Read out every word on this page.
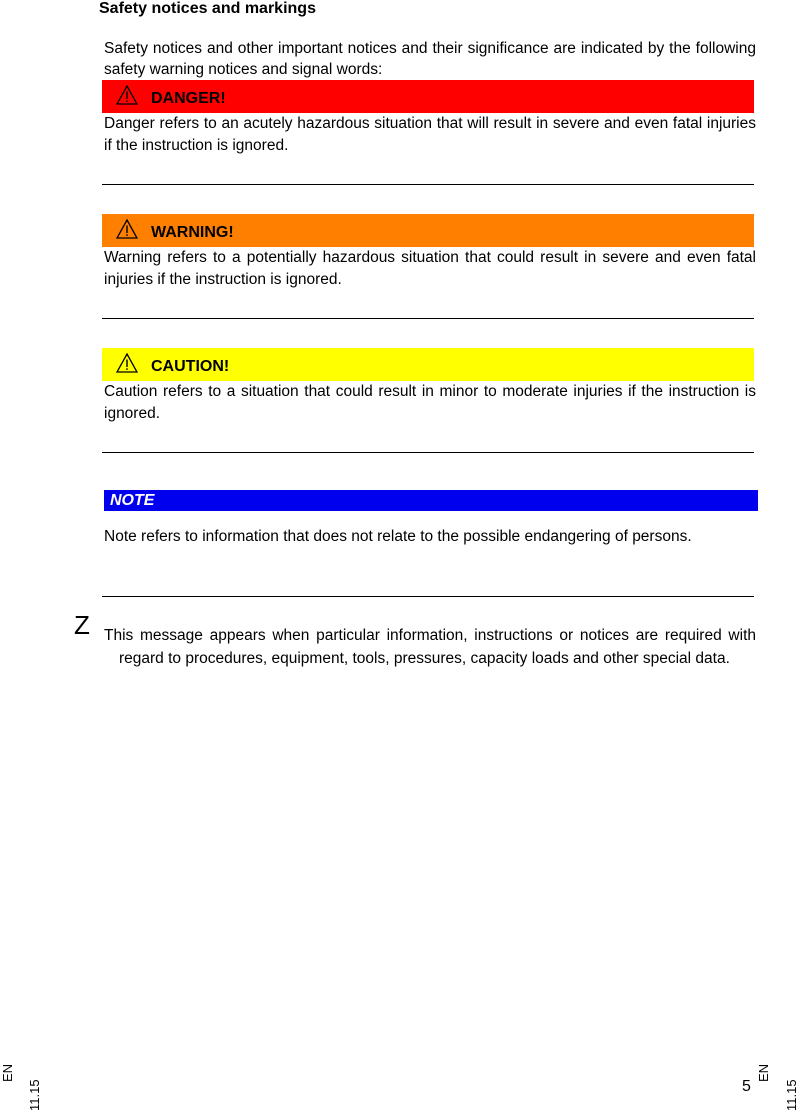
Safety notices and markings
Safety notices and other important notices and their significance are indicated by the following safety warning notices and signal words:
DANGER!
Danger refers to an acutely hazardous situation that will result in severe and even fatal injuries if the instruction is ignored.
WARNING!
Warning refers to a potentially hazardous situation that could result in severe and even fatal injuries if the instruction is ignored.
CAUTION!
Caution refers to a situation that could result in minor to moderate injuries if the instruction is ignored.
NOTE
Note refers to information that does not relate to the possible endangering of persons.
Z This message appears when particular information, instructions or notices are required with regard to procedures, equipment, tools, pressures, capacity loads and other special data.
EN
11.15	5
EN
11.15
